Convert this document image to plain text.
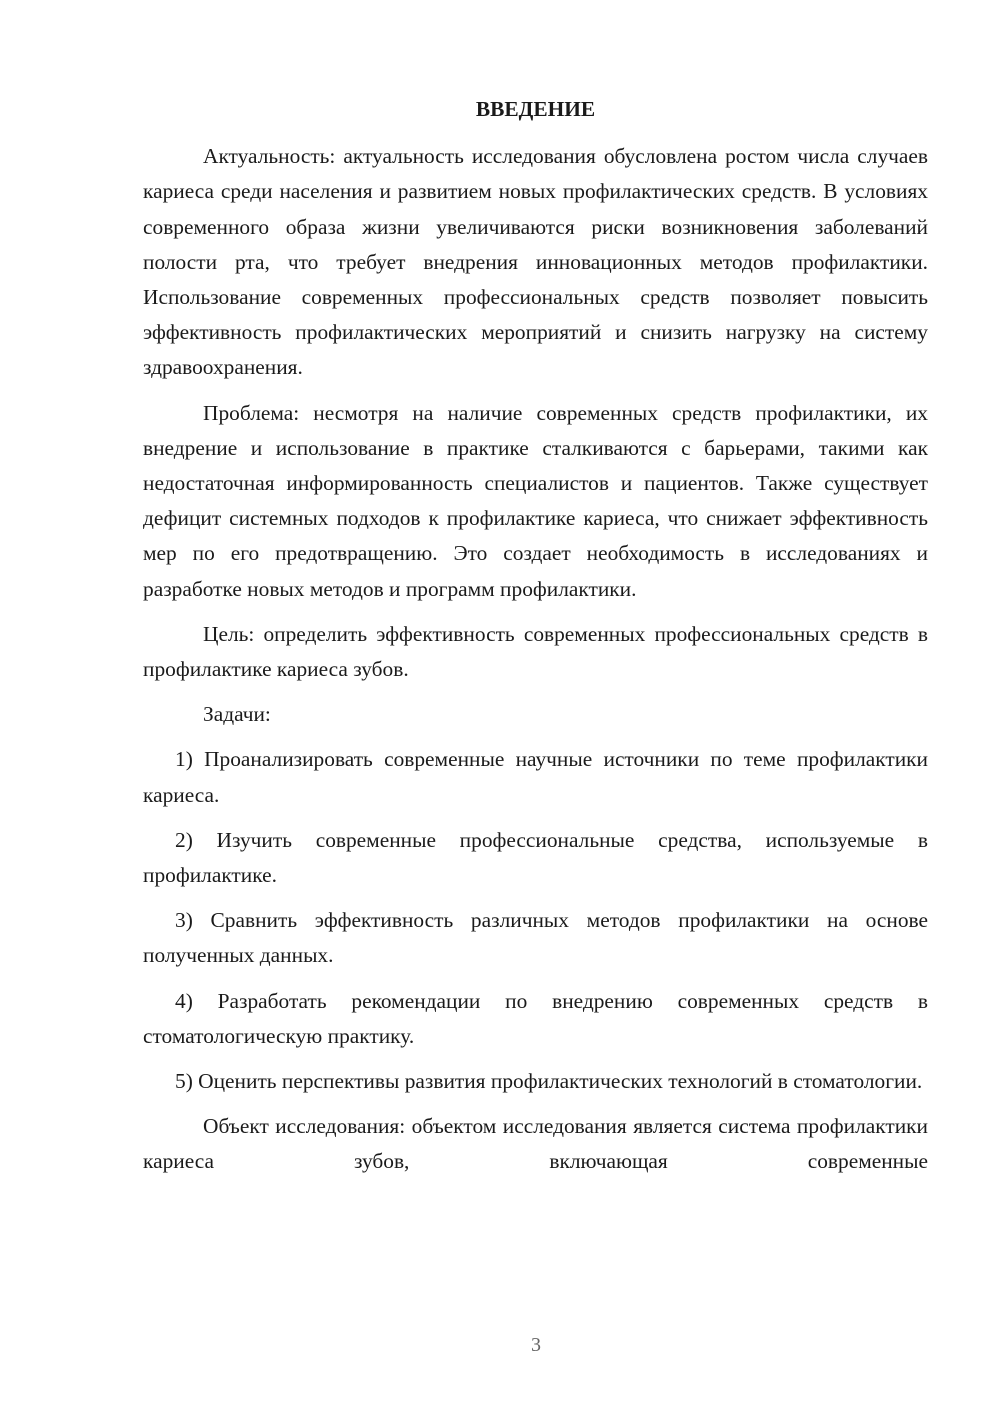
ВВЕДЕНИЕ

Актуальность: актуальность исследования обусловлена ростом числа случаев кариеса среди населения и развитием новых профилактических средств. В условиях современного образа жизни увеличиваются риски возникновения заболеваний полости рта, что требует внедрения инновационных методов профилактики. Использование современных профессиональных средств позволяет повысить эффективность профилактических мероприятий и снизить нагрузку на систему здравоохранения.

Проблема: несмотря на наличие современных средств профилактики, их внедрение и использование в практике сталкиваются с барьерами, такими как недостаточная информированность специалистов и пациентов. Также существует дефицит системных подходов к профилактике кариеса, что снижает эффективность мер по его предотвращению. Это создает необходимость в исследованиях и разработке новых методов и программ профилактики.

Цель: определить эффективность современных профессиональных средств в профилактике кариеса зубов.

Задачи:

1) Проанализировать современные научные источники по теме профилактики кариеса.

2) Изучить современные профессиональные средства, используемые в профилактике.

3) Сравнить эффективность различных методов профилактики на основе полученных данных.

4) Разработать рекомендации по внедрению современных средств в стоматологическую практику.

5) Оценить перспективы развития профилактических технологий в стоматологии.

Объект исследования: объектом исследования является система профилактики кариеса зубов, включающая современные

3
